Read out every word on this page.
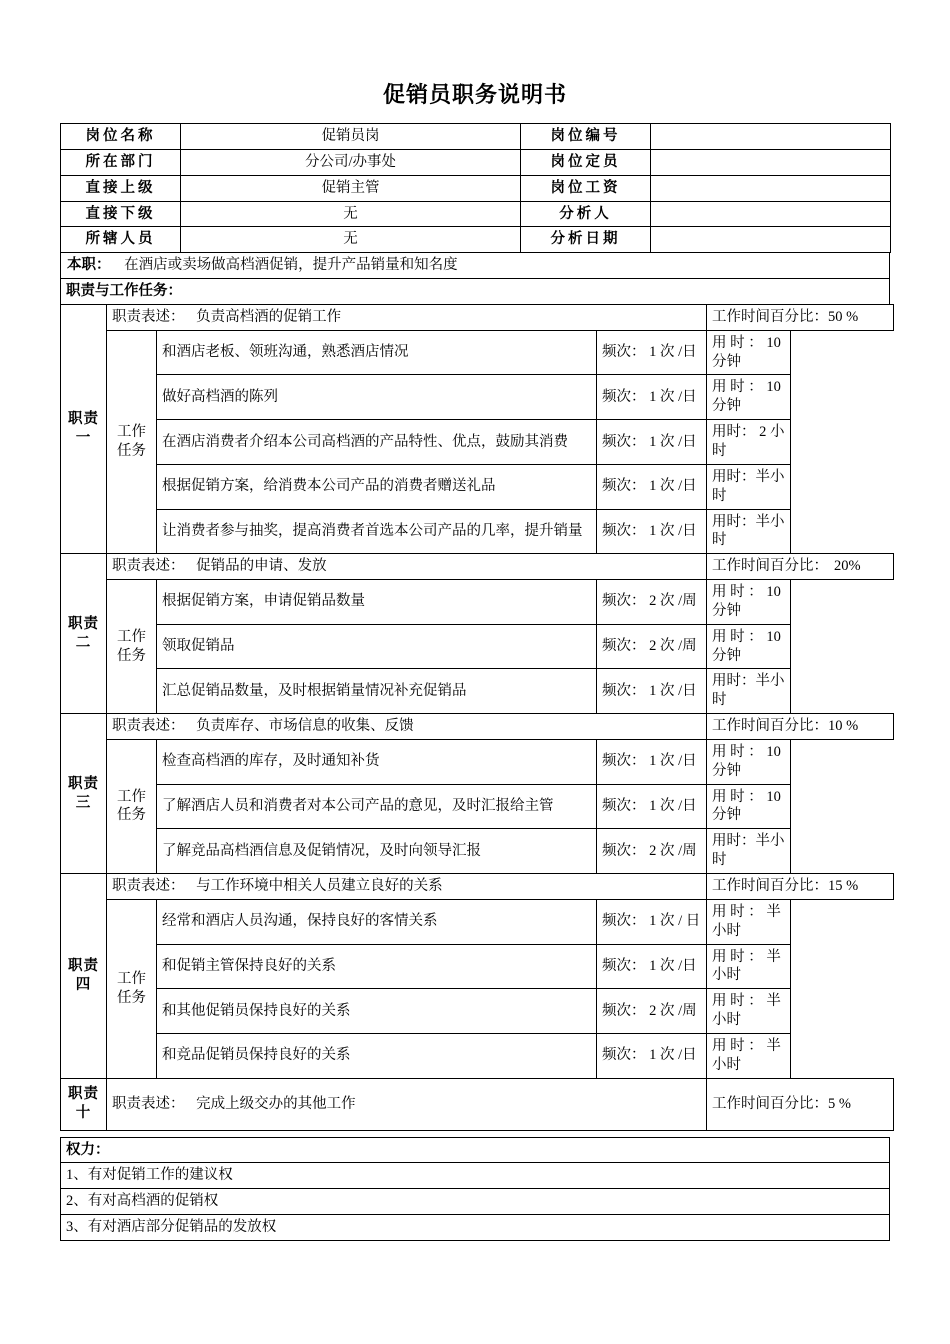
促销员职务说明书
岗位名称	促销员岗	岗位编号	
所在部门	分公司/办事处	岗位定员	
直接上级	促销主管	岗位工资	
直接下级	无	分析人	
所辖人员	无	分析日期	
本职： 在酒店或卖场做高档酒促销，提升产品销量和知名度
职责与工作任务：
职责一	职责表述： 负责高档酒的促销工作			工作时间百分比：50 %

	工作任务	和酒店老板、领班沟通，熟悉酒店情况	频次： 1 次 /日	用 时 ： 10 分钟
		做好高档酒的陈列	频次： 1 次 /日	用 时 ： 10 分钟
		在酒店消费者介绍本公司高档酒的产品特性、优点，鼓励其消费	频次： 1 次 /日	用时： 2 小时
		根据促销方案，给消费本公司产品的消费者赠送礼品	频次： 1 次 /日	用时：半小时
		让消费者参与抽奖，提高消费者首选本公司产品的几率，提升销量	频次： 1 次 /日	用时：半小时

职责二	职责表述： 促销品的申请、发放			工作时间百分比： 20%

	工作任务	根据促销方案，申请促销品数量	频次： 2 次 /周	用 时 ： 10 分钟
		领取促销品	频次： 2 次 /周	用 时 ： 10 分钟
		汇总促销品数量，及时根据销量情况补充促销品	频次： 1 次 /日	用时：半小时

职责三	职责表述： 负责库存、市场信息的收集、反馈			工作时间百分比：10 %

	工作任务	检查高档酒的库存，及时通知补货	频次： 1 次 /日	用 时 ： 10 分钟
		了解酒店人员和消费者对本公司产品的意见，及时汇报给主管	频次： 1 次 /日	用 时 ： 10 分钟
		了解竞品高档酒信息及促销情况，及时向领导汇报	频次： 2 次 /周	用时：半小时

职责四	职责表述： 与工作环境中相关人员建立良好的关系			工作时间百分比：15 %

	工作任务	经常和酒店人员沟通，保持良好的客情关系	频次： 1 次 / 日	用 时 ： 半小时
		和促销主管保持良好的关系	频次： 1 次 /日	用 时 ： 半小时
		和其他促销员保持良好的关系	频次： 2 次 /周	用 时 ： 半小时
		和竞品促销员保持良好的关系	频次： 1 次 /日	用 时 ： 半小时

职责十	职责表述： 完成上级交办的其他工作			工作时间百分比：5 %
权力：
1、有对促销工作的建议权
2、有对高档酒的促销权
3、有对酒店部分促销品的发放权
